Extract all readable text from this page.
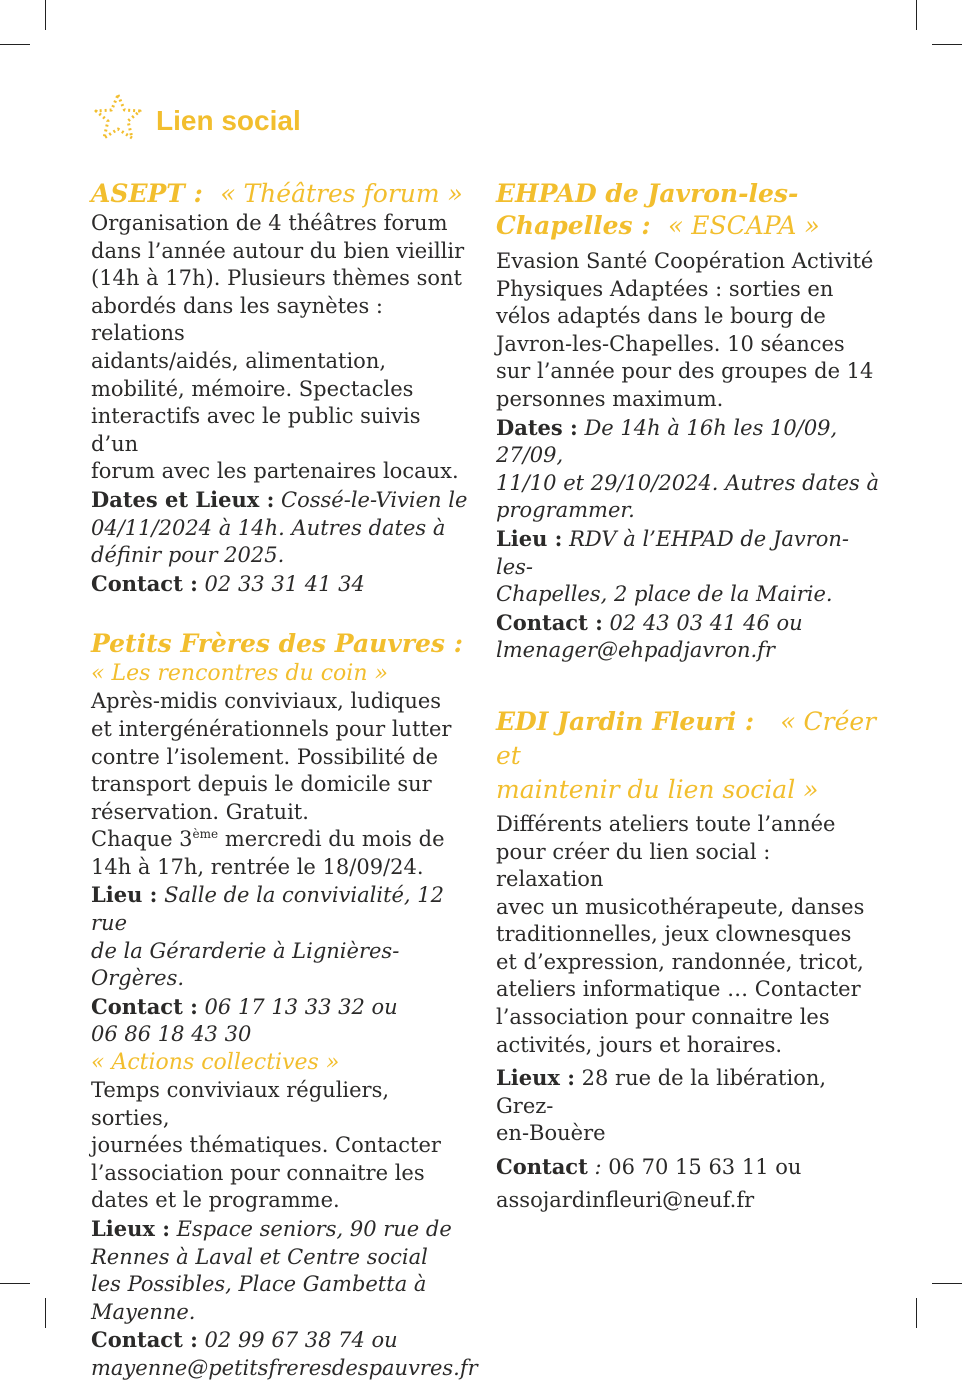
Lien social
ASEPT : « Théâtres forum »

Organisation de 4 théâtres forum

dans l’année autour du bien vieillir

(14h à 17h). Plusieurs thèmes sont

abordés dans les saynètes : relations

aidants/aidés, alimentation,

mobilité, mémoire. Spectacles

interactifs avec le public suivis d’un

forum avec les partenaires locaux.

Dates et Lieux : Cossé-le-Vivien le

04/11/2024 à 14h. Autres dates à

définir pour 2025.

Contact : 02 33 31 41 34

Petits Frères des Pauvres :
« Les rencontres du coin »

Après-midis conviviaux, ludiques

et intergénérationnels pour lutter

contre l’isolement. Possibilité de

transport depuis le domicile sur

réservation. Gratuit.

Chaque 3ème mercredi du mois de

14h à 17h, rentrée le 18/09/24.

Lieu : Salle de la convivialité, 12 rue

de la Gérarderie à Lignières-Orgères.

Contact : 06 17 13 33 32 ou

06 86 18 43 30

« Actions collectives »

Temps conviviaux réguliers, sorties,

journées thématiques. Contacter

l’association pour connaitre les

dates et le programme.

Lieux : Espace seniors, 90 rue de

Rennes à Laval et Centre social

les Possibles, Place Gambetta à

Mayenne.

Contact : 02 99 67 38 74 ou

mayenne@petitsfreresdespauvres.fr

EHPAD de Javron-les-

Chapelles : « ESCAPA »

Evasion Santé Coopération Activité

Physiques Adaptées : sorties en

vélos adaptés dans le bourg de

Javron-les-Chapelles. 10 séances

sur l’année pour des groupes de 14

personnes maximum.

Dates : De 14h à 16h les 10/09, 27/09,

11/10 et 29/10/2024. Autres dates à

programmer.

Lieu : RDV à l’EHPAD de Javron-les-

Chapelles, 2 place de la Mairie.

Contact : 02 43 03 41 46 ou

lmenager@ehpadjavron.fr

EDI Jardin Fleuri : « Créer et

maintenir du lien social »

Différents ateliers toute l’année

pour créer du lien social : relaxation

avec un musicothérapeute, danses

traditionnelles, jeux clownesques

et d’expression, randonnée, tricot,

ateliers informatique … Contacter

l’association pour connaitre les

activités, jours et horaires.

Lieux : 28 rue de la libération, Grez-

en-Bouère

Contact : 06 70 15 63 11 ou

assojardinfleuri@neuf.fr
